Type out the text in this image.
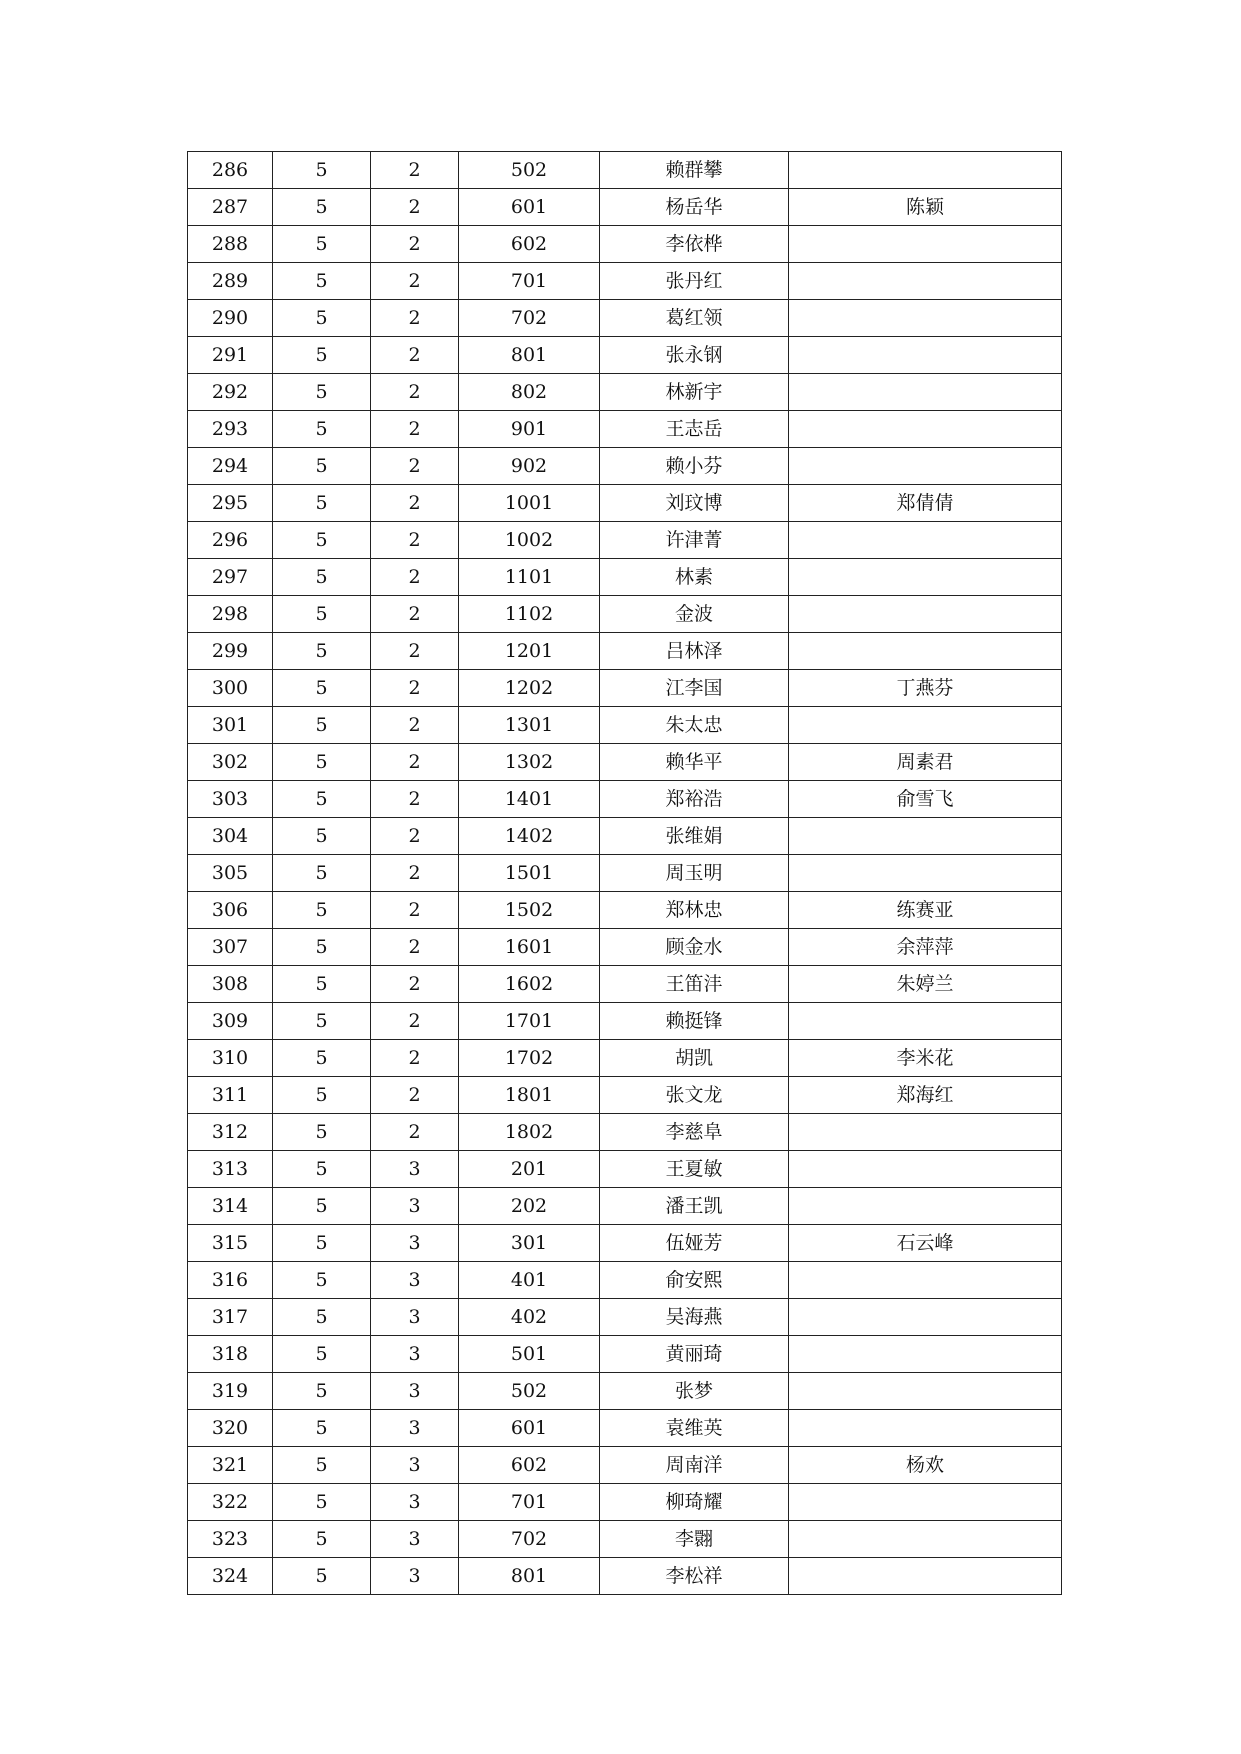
286	5	2	502	赖群攀	
287	5	2	601	杨岳华	陈颖
288	5	2	602	李依桦	
289	5	2	701	张丹红	
290	5	2	702	葛红领	
291	5	2	801	张永钢	
292	5	2	802	林新宇	
293	5	2	901	王志岳	
294	5	2	902	赖小芬	
295	5	2	1001	刘玟博	郑倩倩
296	5	2	1002	许津菁	
297	5	2	1101	林素	
298	5	2	1102	金波	
299	5	2	1201	吕林泽	
300	5	2	1202	江李国	丁燕芬
301	5	2	1301	朱太忠	
302	5	2	1302	赖华平	周素君
303	5	2	1401	郑裕浩	俞雪飞
304	5	2	1402	张维娟	
305	5	2	1501	周玉明	
306	5	2	1502	郑林忠	练赛亚
307	5	2	1601	顾金水	余萍萍
308	5	2	1602	王笛沣	朱婷兰
309	5	2	1701	赖挺锋	
310	5	2	1702	胡凯	李米花
311	5	2	1801	张文龙	郑海红
312	5	2	1802	李慈阜	
313	5	3	201	王夏敏	
314	5	3	202	潘王凯	
315	5	3	301	伍娅芳	石云峰
316	5	3	401	俞安熙	
317	5	3	402	吴海燕	
318	5	3	501	黄丽琦	
319	5	3	502	张梦	
320	5	3	601	袁维英	
321	5	3	602	周南洋	杨欢
322	5	3	701	柳琦耀	
323	5	3	702	李翾	
324	5	3	801	李松祥	
